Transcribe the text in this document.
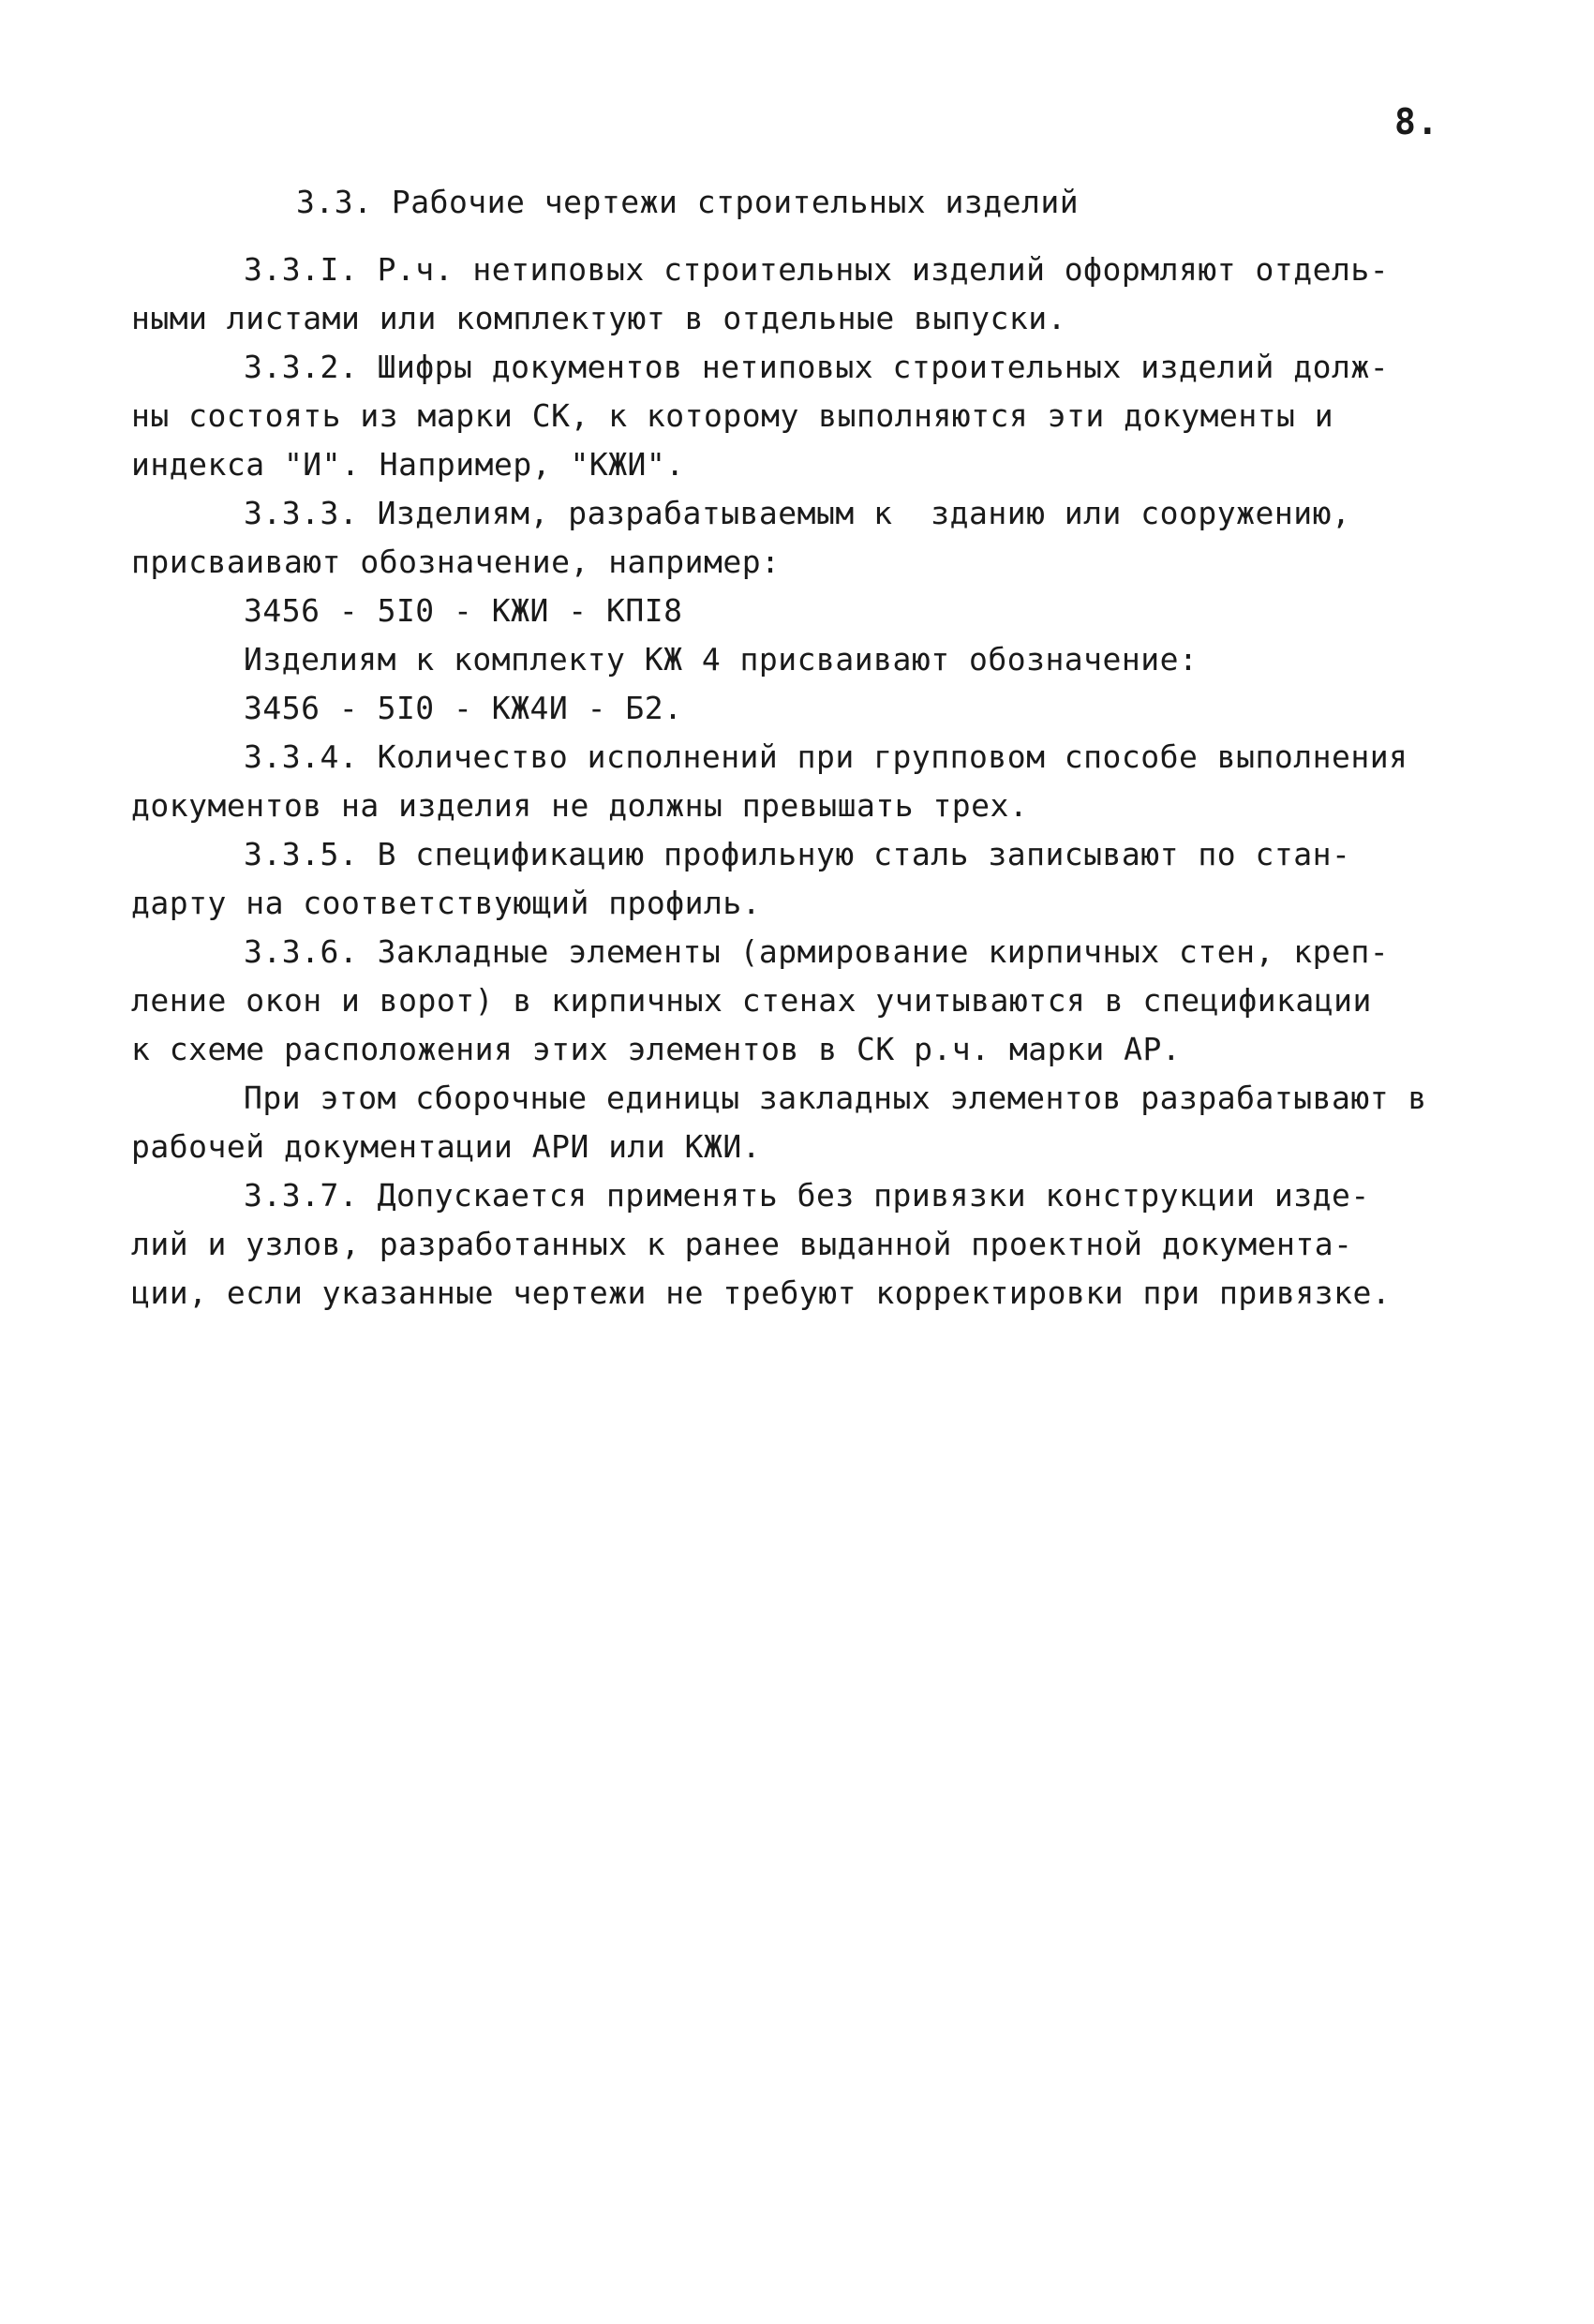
8.
3.3. Рабочие чертежи строительных изделий
3.3.I. Р.ч. нетиповых строительных изделий оформляют отдель-
ными листами или комплектуют в отдельные выпуски.
3.3.2. Шифры документов нетиповых строительных изделий долж-
ны состоять из марки СК, к которому выполняются эти документы и
индекса "И". Например, "КЖИ".
3.3.3. Изделиям, разрабатываемым к  зданию или сооружению,
присваивают обозначение, например:
3456 - 5I0 - КЖИ - КПI8
Изделиям к комплекту КЖ 4 присваивают обозначение:
3456 - 5I0 - КЖ4И - Б2.
3.3.4. Количество исполнений при групповом способе выполнения
документов на изделия не должны превышать трех.
3.3.5. В спецификацию профильную сталь записывают по стан-
дарту на соответствующий профиль.
3.3.6. Закладные элементы (армирование кирпичных стен, креп-
ление окон и ворот) в кирпичных стенах учитываются в спецификации
к схеме расположения этих элементов в СК р.ч. марки АР.
При этом сборочные единицы закладных элементов разрабатывают в
рабочей документации АРИ или КЖИ.
3.3.7. Допускается применять без привязки конструкции изде-
лий и узлов, разработанных к ранее выданной проектной документа-
ции, если указанные чертежи не требуют корректировки при привязке.
